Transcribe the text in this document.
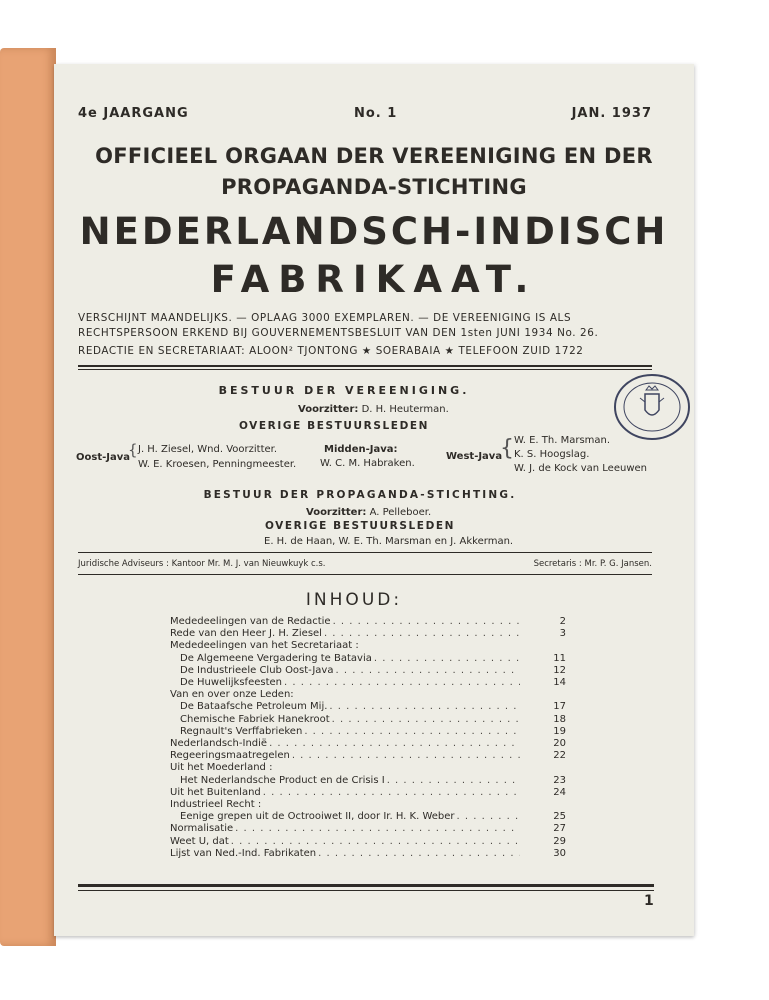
4e JAARGANG	No. 1	JAN. 1937
OFFICIEEL ORGAAN DER VEREENIGING EN DER
PROPAGANDA-STICHTING
NEDERLANDSCH-INDISCH
FABRIKAAT.
VERSCHIJNT MAANDELIJKS. — OPLAAG 3000 EXEMPLAREN. — DE VEREENIGING IS ALS
RECHTSPERSOON ERKEND BIJ GOUVERNEMENTSBESLUIT VAN DEN 1sten JUNI 1934 No. 26.
REDACTIE EN SECRETARIAAT: ALOON² TJONTONG ★ SOERABAIA ★ TELEFOON ZUID 1722
BESTUUR DER VEREENIGING.
Voorzitter: D. H. Heuterman.
OVERIGE BESTUURSLEDEN
Oost-Java
{ J. H. Ziesel, Wnd. Voorzitter.
W. E. Kroesen, Penningmeester.
Midden-Java:
W. C. M. Habraken.
West-Java
{ W. E. Th. Marsman.
K. S. Hoogslag.
W. J. de Kock van Leeuwen
BESTUUR DER PROPAGANDA-STICHTING.
Voorzitter: A. Pelleboer.
OVERIGE BESTUURSLEDEN
E. H. de Haan, W. E. Th. Marsman en J. Akkerman.
Juridische Adviseurs : Kantoor Mr. M. J. van Nieuwkuyk c.s.	Secretaris : Mr. P. G. Jansen.
INHOUD:
Mededeelingen van de Redactie . . .	2
Rede van den Heer J. H. Ziesel . . .	3
Mededeelingen van het Secretariaat :
De Algemeene Vergadering te Batavia . . .	11
De Industrieele Club Oost-Java . . .	12
De Huwelijksfeesten . . .	14
Van en over onze Leden:
De Bataafsche Petroleum Mij. . . .	17
Chemische Fabriek Hanekroot . . .	18
Regnault's Verffabrieken . . .	19
Nederlandsch-Indië . . .	20
Regeeringsmaatregelen . . .	22
Uit het Moederland :
Het Nederlandsche Product en de Crisis I . . .	23
Uit het Buitenland . . .	24
Industrieel Recht :
Eenige grepen uit de Octrooiwet II, door Ir. H. K. Weber . . .	25
Normalisatie . . .	27
Weet U, dat . . .	29
Lijst van Ned.-Ind. Fabrikaten . . .	30
1
